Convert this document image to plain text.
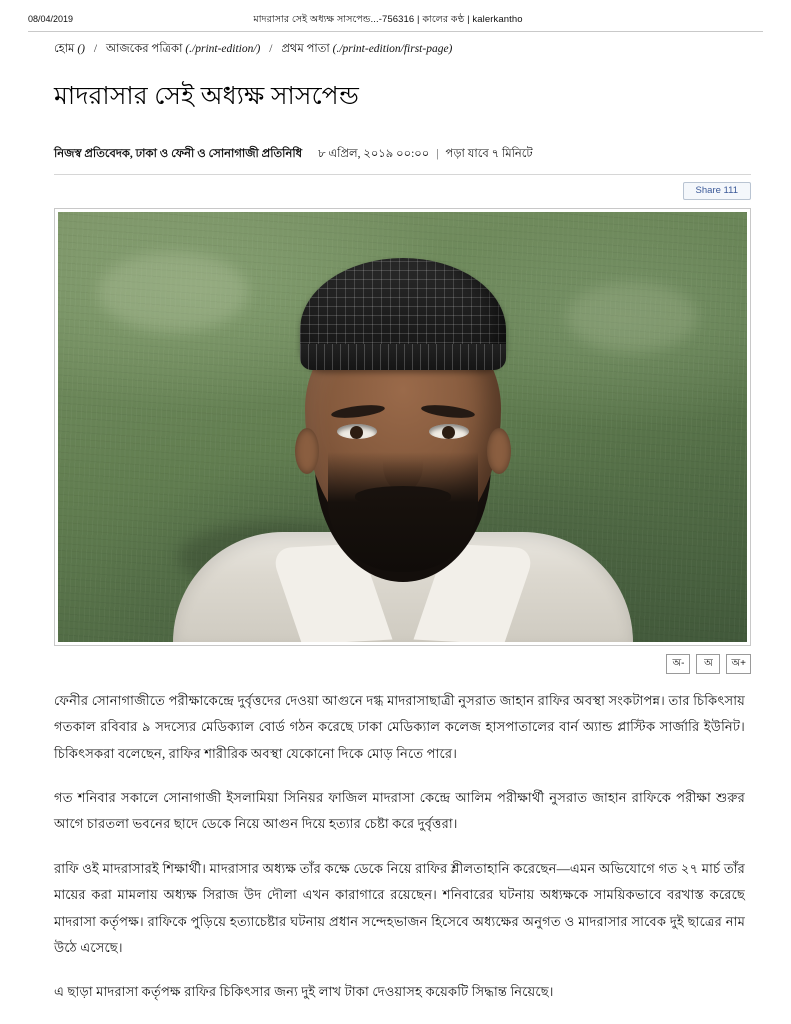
08/04/2019	মাদরাসার সেই অধ্যক্ষ সাসপেন্ড...-756316 | কালের কণ্ঠ | kalerkantho
হোম () / আজকের পত্রিকা (./print-edition/) / প্রথম পাতা (./print-edition/first-page)
মাদরাসার সেই অধ্যক্ষ সাসপেন্ড
নিজস্ব প্রতিবেদক, ঢাকা ও ফেনী ও সোনাগাজী প্রতিনিধি ৮ এপ্রিল, ২০১৯ ০০:০০ | পড়া যাবে ৭ মিনিটে
Share 111
অ-	অ	অ+

ফেনীর সোনাগাজীতে পরীক্ষাকেন্দ্রে দুর্বৃত্তদের দেওয়া আগুনে দগ্ধ মাদরাসাছাত্রী নুসরাত জাহান রাফির অবস্থা সংকটাপন্ন। তার চিকিৎসায় গতকাল রবিবার ৯ সদস্যের মেডিক্যাল বোর্ড গঠন করেছে ঢাকা মেডিক্যাল কলেজ হাসপাতালের বার্ন অ্যান্ড প্লাস্টিক সার্জারি ইউনিট। চিকিৎসকরা বলেছেন, রাফির শারীরিক অবস্থা যেকোনো দিকে মোড় নিতে পারে।

গত শনিবার সকালে সোনাগাজী ইসলামিয়া সিনিয়র ফাজিল মাদরাসা কেন্দ্রে আলিম পরীক্ষার্থী নুসরাত জাহান রাফিকে পরীক্ষা শুরুর আগে চারতলা ভবনের ছাদে ডেকে নিয়ে আগুন দিয়ে হত্যার চেষ্টা করে দুর্বৃত্তরা।

রাফি ওই মাদরাসারই শিক্ষার্থী। মাদরাসার অধ্যক্ষ তাঁর কক্ষে ডেকে নিয়ে রাফির শ্লীলতাহানি করেছেন—এমন অভিযোগে গত ২৭ মার্চ তাঁর মায়ের করা মামলায় অধ্যক্ষ সিরাজ উদ দৌলা এখন কারাগারে রয়েছেন। শনিবারের ঘটনায় অধ্যক্ষকে সাময়িকভাবে বরখাস্ত করেছে মাদরাসা কর্তৃপক্ষ। রাফিকে পুড়িয়ে হত্যাচেষ্টার ঘটনায় প্রধান সন্দেহভাজন হিসেবে অধ্যক্ষের অনুগত ও মাদরাসার সাবেক দুই ছাত্রের নাম উঠে এসেছে।

এ ছাড়া মাদরাসা কর্তৃপক্ষ রাফির চিকিৎসার জন্য দুই লাখ টাকা দেওয়াসহ কয়েকটি সিদ্ধান্ত নিয়েছে।
